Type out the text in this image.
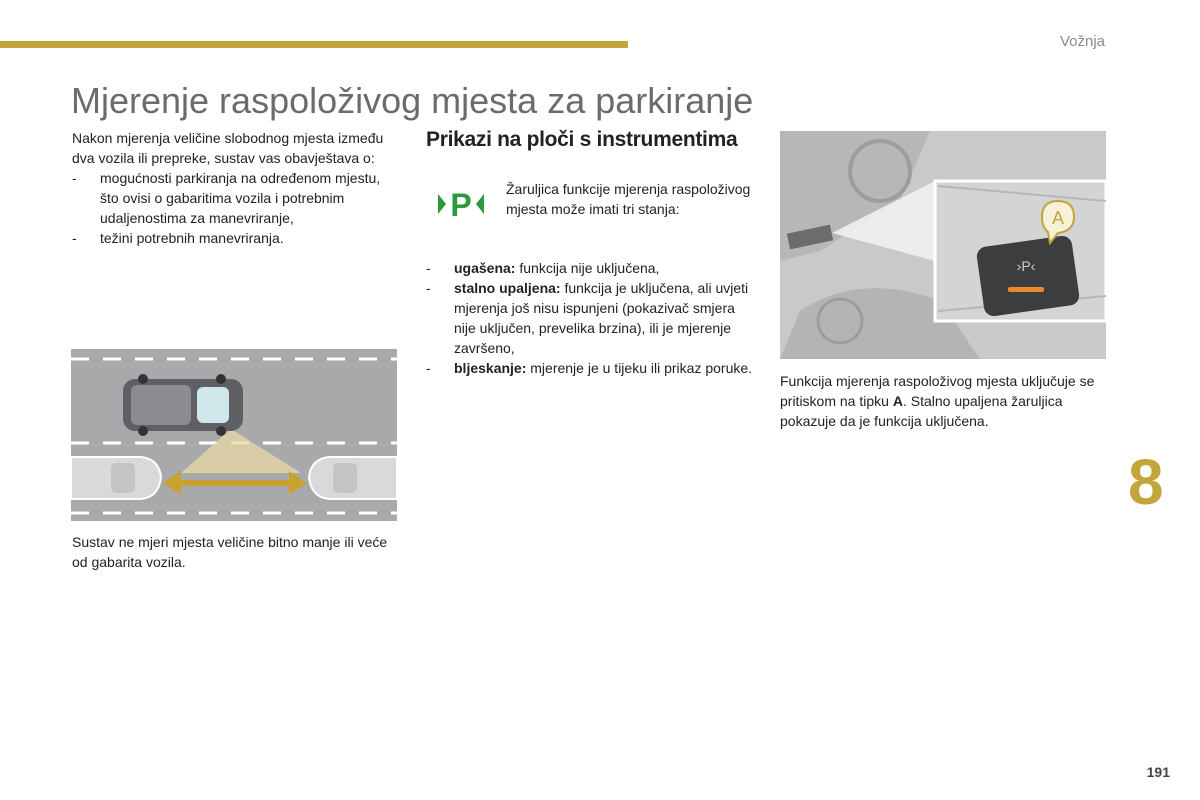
Vožnja
Mjerenje raspoloživog mjesta za parkiranje

Nakon mjerenja veličine slobodnog mjesta između dva vozila ili prepreke, sustav vas obavještava o:

- mogućnosti parkiranja na određenom mjestu, što ovisi o gabaritima vozila i potrebnim udaljenostima za manevriranje,
- težini potrebnih manevriranja.

Sustav ne mjeri mjesta veličine bitno manje ili veće od gabarita vozila.

Prikazi na ploči s instrumentima
P Žaruljica funkcije mjerenja raspoloživog mjesta može imati tri stanja:

- ugašena: funkcija nije uključena,
- stalno upaljena: funkcija je uključena, ali uvjeti mjerenja još nisu ispunjeni (pokazivač smjera nije uključen, prevelika brzina), ili je mjerenje završeno,
- bljeskanje: mjerenje je u tijeku ili prikaz poruke.
›P‹
A

Funkcija mjerenja raspoloživog mjesta uključuje se pritiskom na tipku A. Stalno upaljena žaruljica pokazuje da je funkcija uključena.

8
191
